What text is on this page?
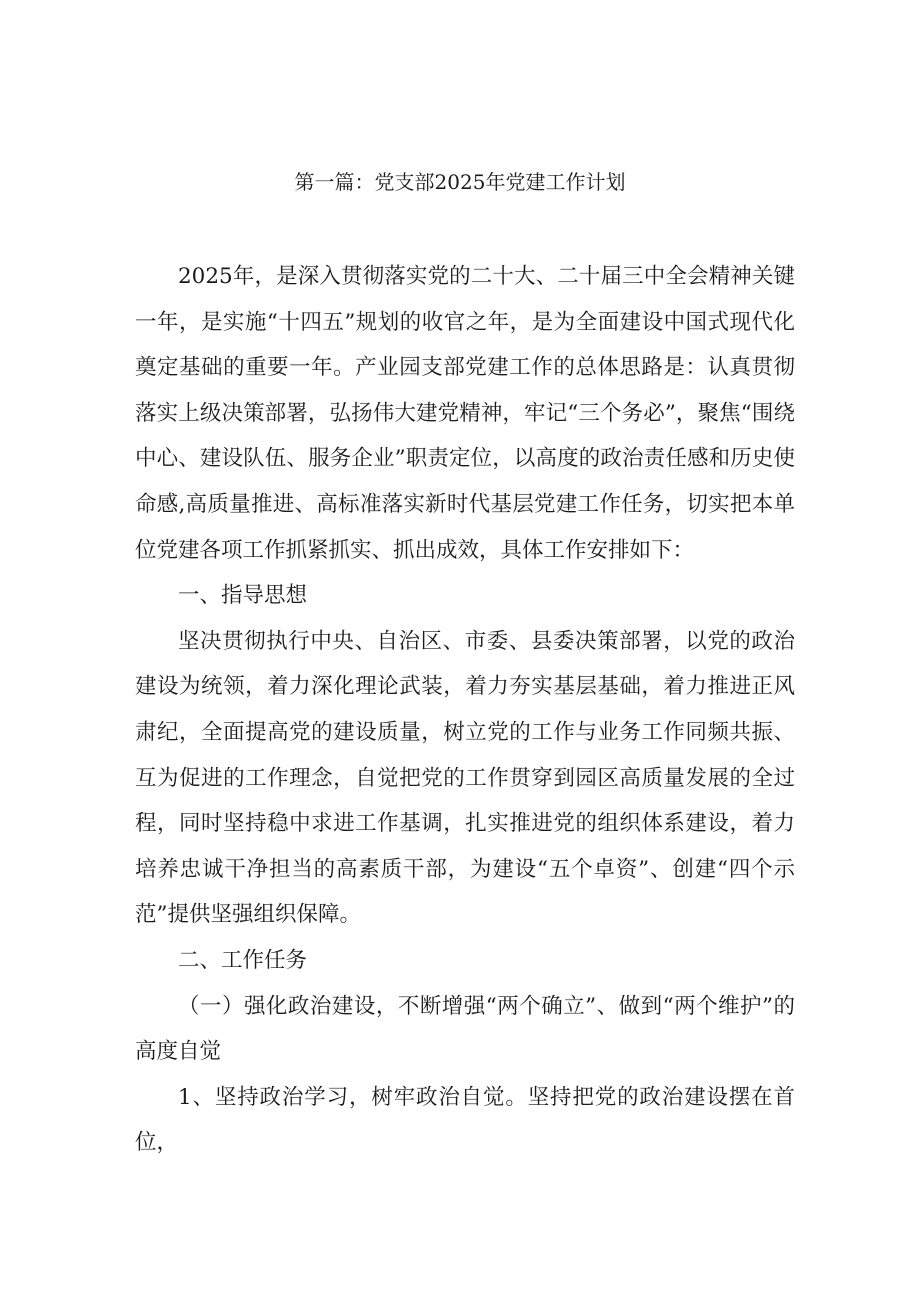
第一篇：党支部2025年党建工作计划

2025年，是深入贯彻落实党的二十大、二十届三中全会精神关键一年，是实施“十四五”规划的收官之年，是为全面建设中国式现代化奠定基础的重要一年。产业园支部党建工作的总体思路是：认真贯彻落实上级决策部署，弘扬伟大建党精神，牢记“三个务必”，聚焦“围绕中心、建设队伍、服务企业”职责定位，以高度的政治责任感和历史使命感,高质量推进、高标准落实新时代基层党建工作任务，切实把本单位党建各项工作抓紧抓实、抓出成效，具体工作安排如下：

一、指导思想

坚决贯彻执行中央、自治区、市委、县委决策部署，以党的政治建设为统领，着力深化理论武装，着力夯实基层基础，着力推进正风肃纪，全面提高党的建设质量，树立党的工作与业务工作同频共振、互为促进的工作理念，自觉把党的工作贯穿到园区高质量发展的全过程，同时坚持稳中求进工作基调，扎实推进党的组织体系建设，着力培养忠诚干净担当的高素质干部，为建设“五个卓资”、创建“四个示范”提供坚强组织保障。

二、工作任务

（一）强化政治建设，不断增强“两个确立”、做到“两个维护”的高度自觉

1、坚持政治学习，树牢政治自觉。坚持把党的政治建设摆在首位，
